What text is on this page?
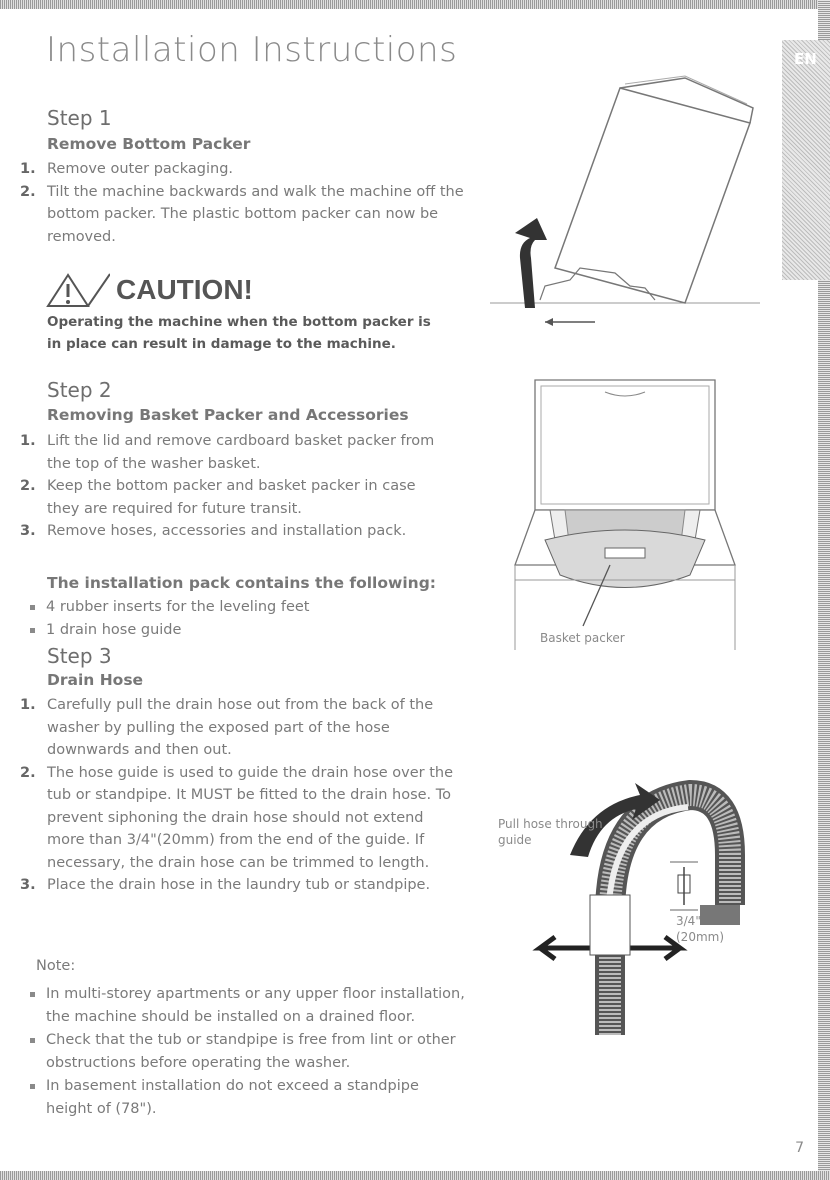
EN
Installation Instructions
Step 1
Remove Bottom Packer
1. Remove outer packaging.
2. Tilt the machine backwards and walk the machine off the bottom packer. The plastic bottom packer can now be removed.
CAUTION!
Operating the machine when the bottom packer is in place can result in damage to the machine.
Step 2
Removing Basket Packer and Accessories
1. Lift the lid and remove cardboard basket packer from the top of the washer basket.
2. Keep the bottom packer and basket packer in case they are required for future transit.
3. Remove hoses, accessories and installation pack.
The installation pack contains the following:
4 rubber inserts for the leveling feet
1 drain hose guide	Basket packer
Step 3
Drain Hose
1. Carefully pull the drain hose out from the back of the washer by pulling the exposed part of the hose downwards and then out.
2. The hose guide is used to guide the drain hose over the tub or standpipe. It MUST be fitted to the drain hose. To prevent siphoning the drain hose should not extend more than 3/4"(20mm) from the end of the guide. If necessary, the drain hose can be trimmed to length.
3. Place the drain hose in the laundry tub or standpipe.
Pull hose through guide
3/4" (20mm)
Note:
In multi-storey apartments or any upper floor installation, the machine should be installed on a drained floor.
Check that the tub or standpipe is free from lint or other obstructions before operating the washer.
In basement installation do not exceed a standpipe height of (78").
7
